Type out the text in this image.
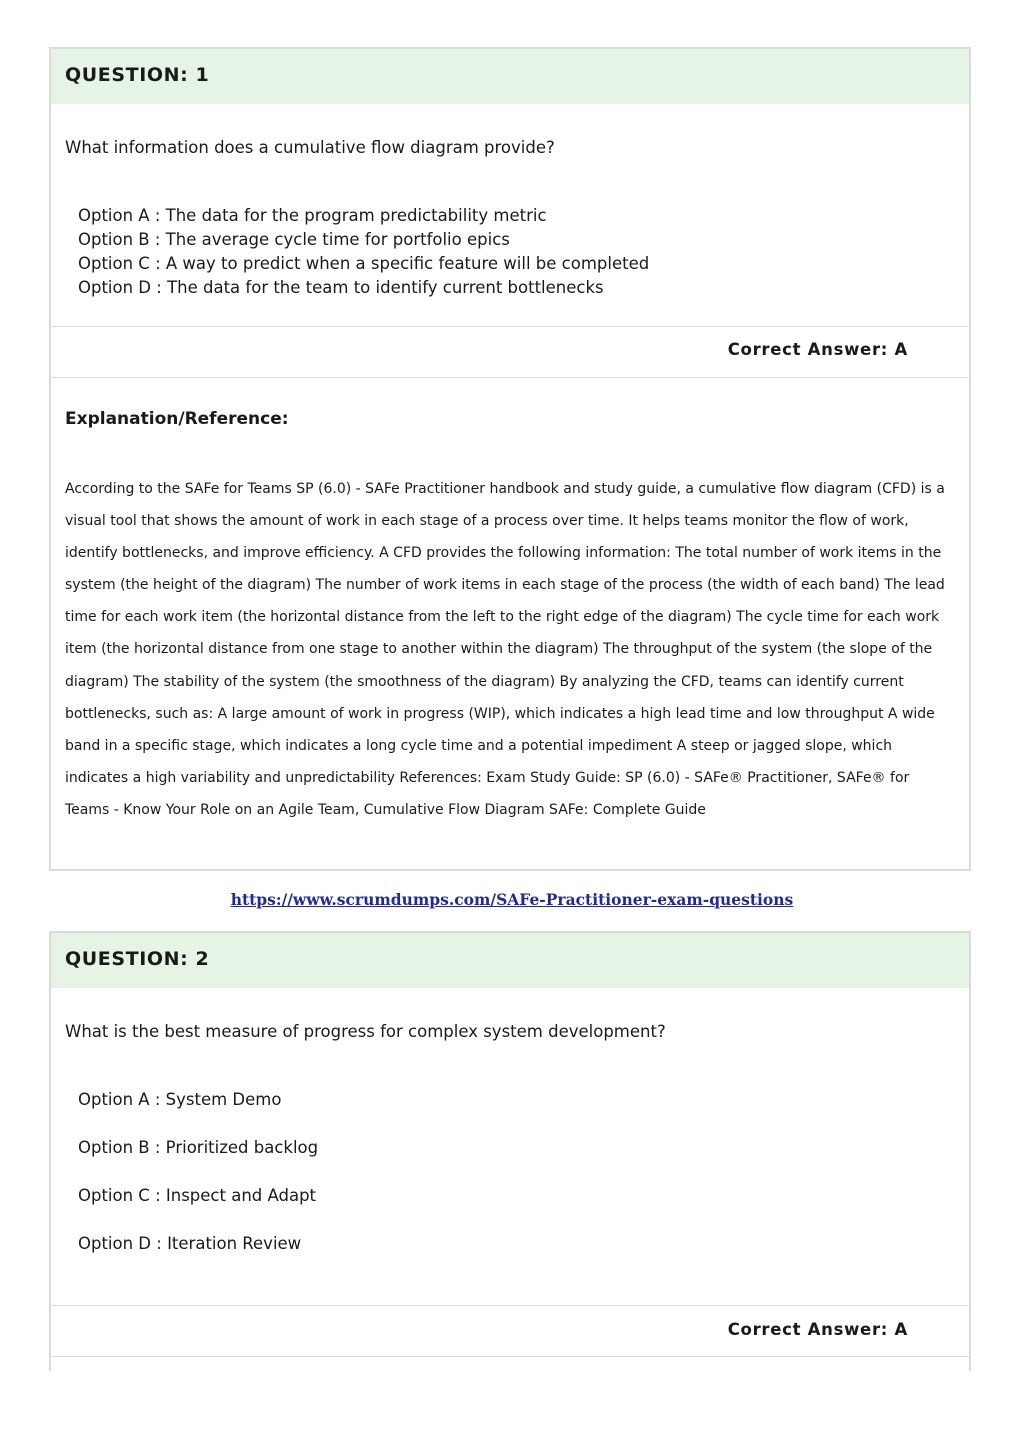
QUESTION: 1
What information does a cumulative flow diagram provide?
Option A : The data for the program predictability metric
Option B : The average cycle time for portfolio epics
Option C : A way to predict when a specific feature will be completed
Option D : The data for the team to identify current bottlenecks
Correct Answer: A
Explanation/Reference:
According to the SAFe for Teams SP (6.0) - SAFe Practitioner handbook and study guide, a cumulative flow diagram (CFD) is a visual tool that shows the amount of work in each stage of a process over time. It helps teams monitor the flow of work, identify bottlenecks, and improve efficiency. A CFD provides the following information: The total number of work items in the system (the height of the diagram) The number of work items in each stage of the process (the width of each band) The lead time for each work item (the horizontal distance from the left to the right edge of the diagram) The cycle time for each work item (the horizontal distance from one stage to another within the diagram) The throughput of the system (the slope of the diagram) The stability of the system (the smoothness of the diagram) By analyzing the CFD, teams can identify current bottlenecks, such as: A large amount of work in progress (WIP), which indicates a high lead time and low throughput A wide band in a specific stage, which indicates a long cycle time and a potential impediment A steep or jagged slope, which indicates a high variability and unpredictability References: Exam Study Guide: SP (6.0) - SAFe® Practitioner, SAFe® for Teams - Know Your Role on an Agile Team, Cumulative Flow Diagram SAFe: Complete Guide
https://www.scrumdumps.com/SAFe-Practitioner-exam-questions
QUESTION: 2
What is the best measure of progress for complex system development?
Option A : System Demo
Option B : Prioritized backlog
Option C : Inspect and Adapt
Option D : Iteration Review
Correct Answer: A
